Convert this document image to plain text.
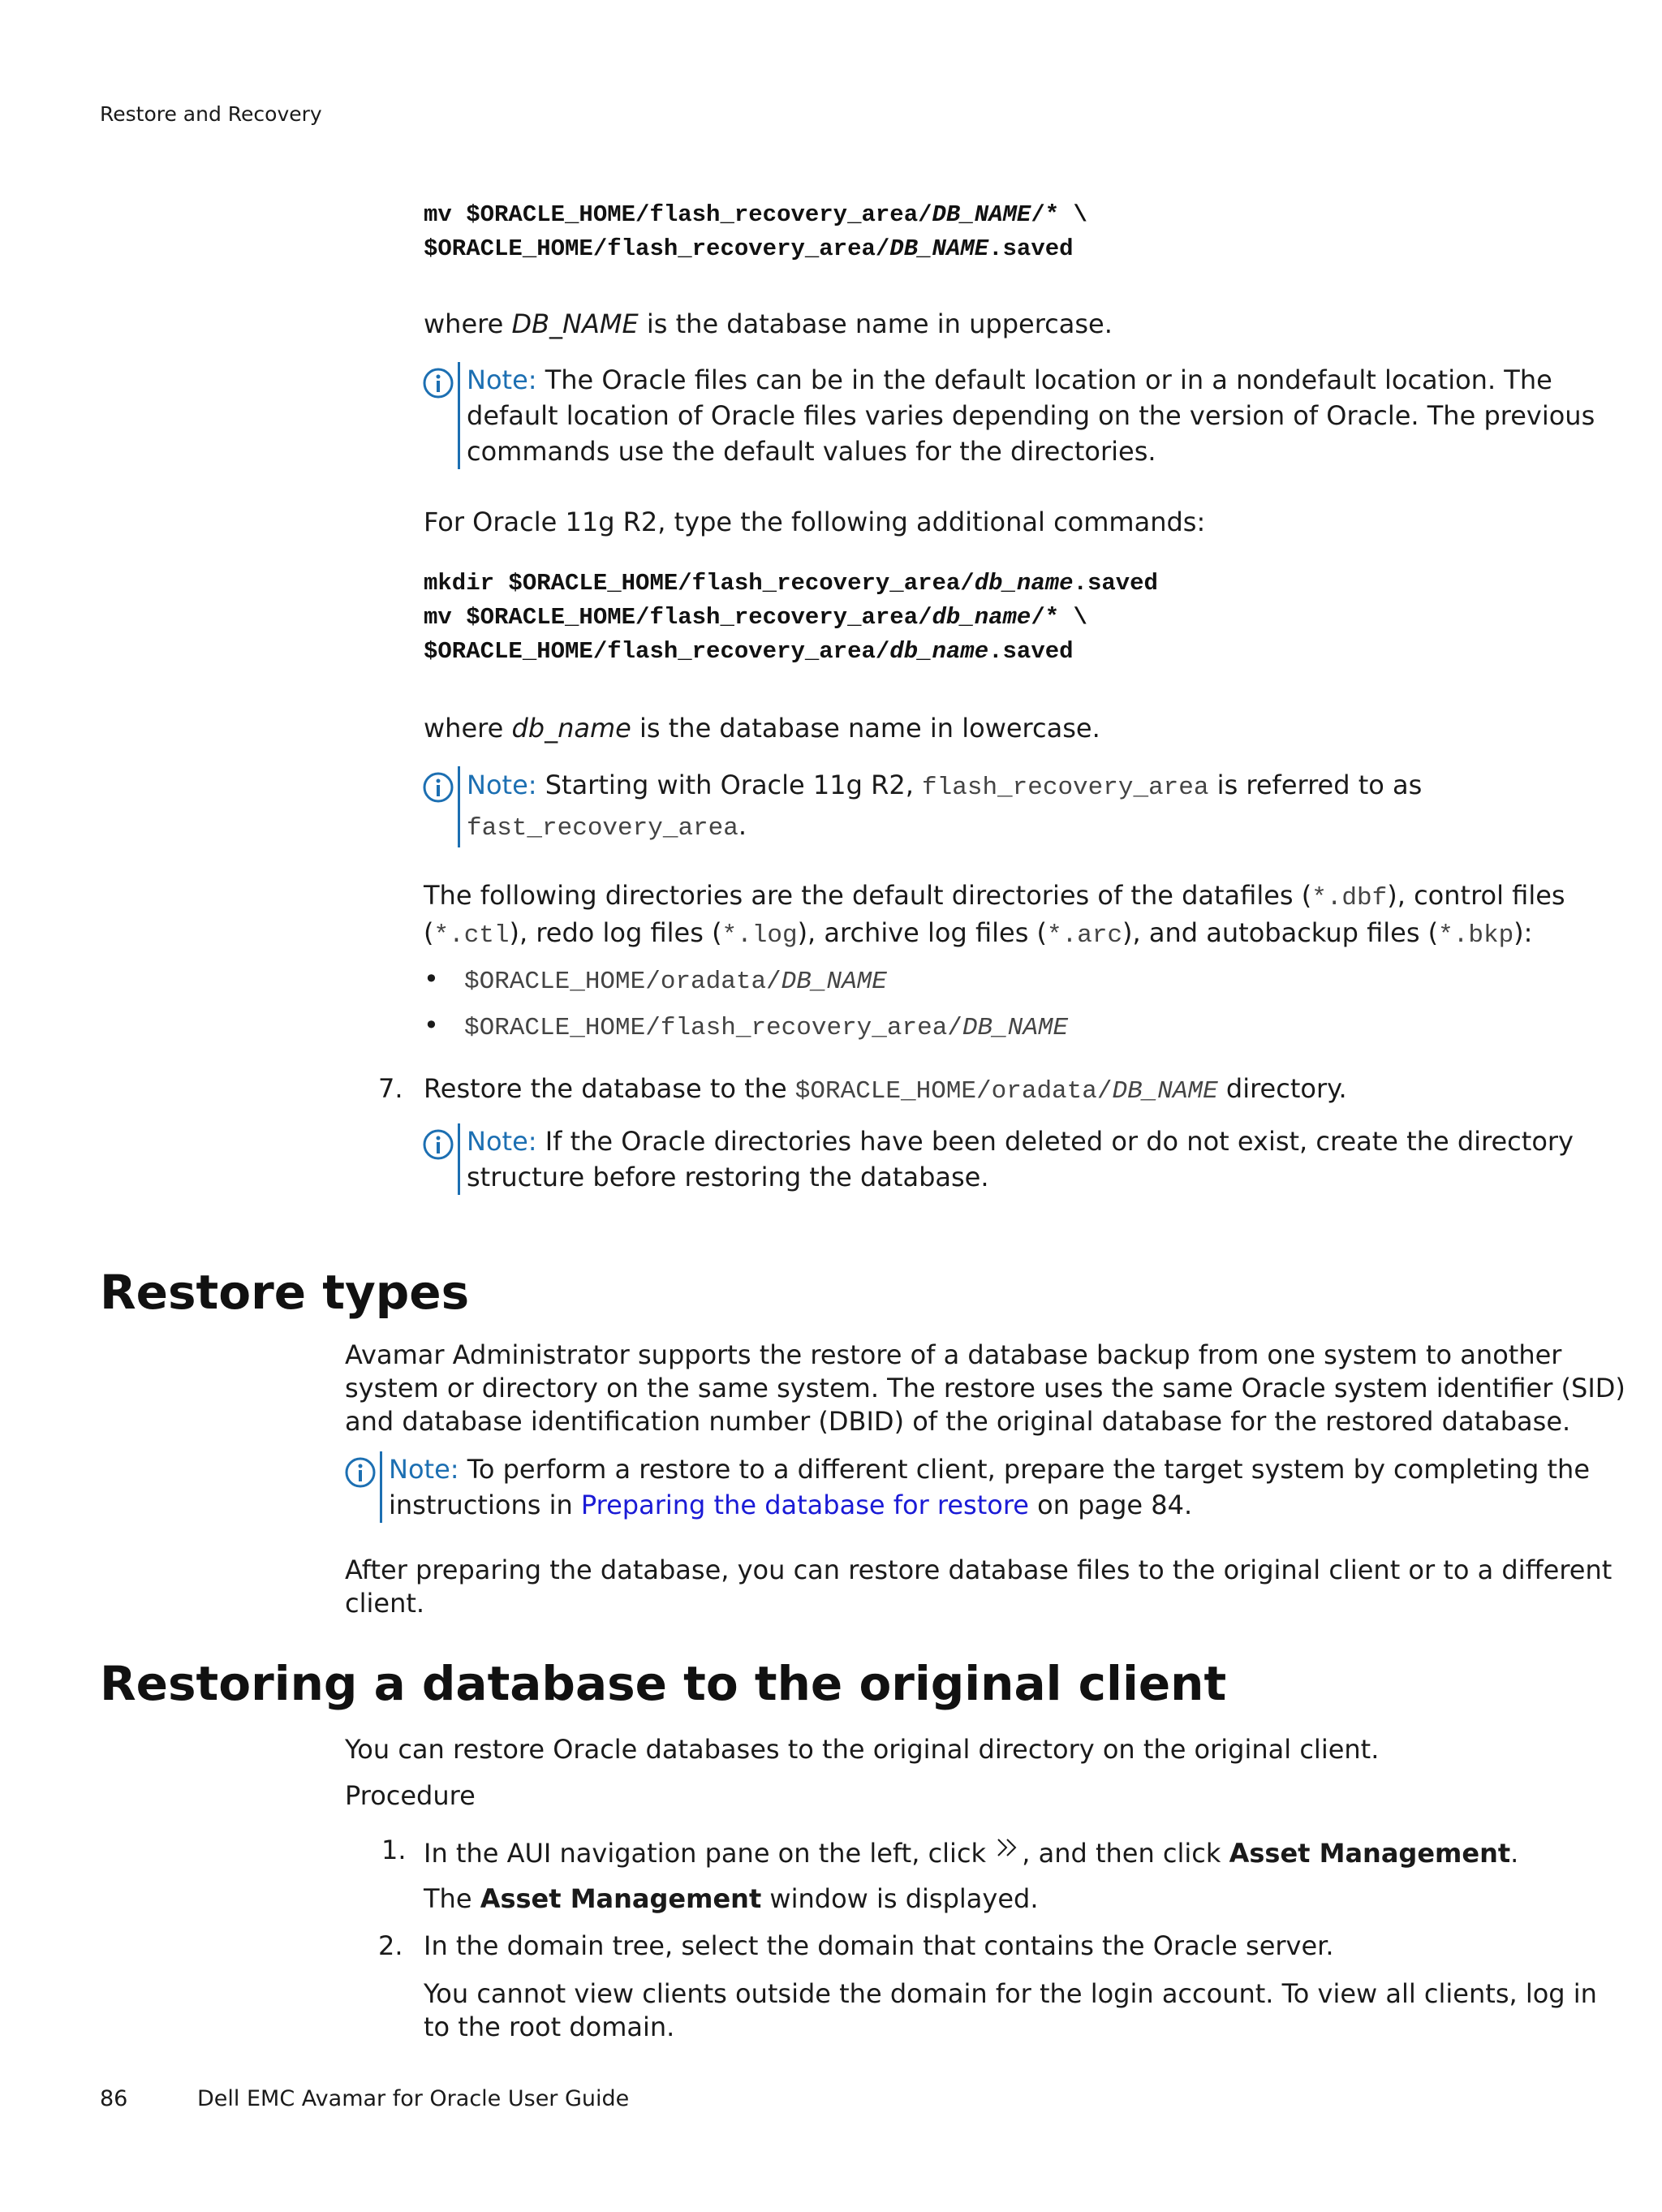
Restore and Recovery
mv $ORACLE_HOME/flash_recovery_area/DB_NAME/* \
$ORACLE_HOME/flash_recovery_area/DB_NAME.saved
where DB_NAME is the database name in uppercase.
Note: The Oracle files can be in the default location or in a nondefault location. The
default location of Oracle files varies depending on the version of Oracle. The previous
commands use the default values for the directories.
For Oracle 11g R2, type the following additional commands:
mkdir $ORACLE_HOME/flash_recovery_area/db_name.saved
mv $ORACLE_HOME/flash_recovery_area/db_name/* \
$ORACLE_HOME/flash_recovery_area/db_name.saved
where db_name is the database name in lowercase.
Note: Starting with Oracle 11g R2, flash_recovery_area is referred to as
fast_recovery_area.
The following directories are the default directories of the datafiles (*.dbf), control files
(*.ctl), redo log files (*.log), archive log files (*.arc), and autobackup files (*.bkp):
• $ORACLE_HOME/oradata/DB_NAME
• $ORACLE_HOME/flash_recovery_area/DB_NAME
7. Restore the database to the $ORACLE_HOME/oradata/DB_NAME directory.
Note: If the Oracle directories have been deleted or do not exist, create the directory
structure before restoring the database.
Restore types
Avamar Administrator supports the restore of a database backup from one system to another
system or directory on the same system. The restore uses the same Oracle system identifier (SID)
and database identification number (DBID) of the original database for the restored database.
Note: To perform a restore to a different client, prepare the target system by completing the
instructions in Preparing the database for restore on page 84.
After preparing the database, you can restore database files to the original client or to a different
client.
Restoring a database to the original client
You can restore Oracle databases to the original directory on the original client.
Procedure
1. In the AUI navigation pane on the left, click , and then click Asset Management.
The Asset Management window is displayed.
2. In the domain tree, select the domain that contains the Oracle server.
You cannot view clients outside the domain for the login account. To view all clients, log in
to the root domain.
86	Dell EMC Avamar for Oracle User Guide
